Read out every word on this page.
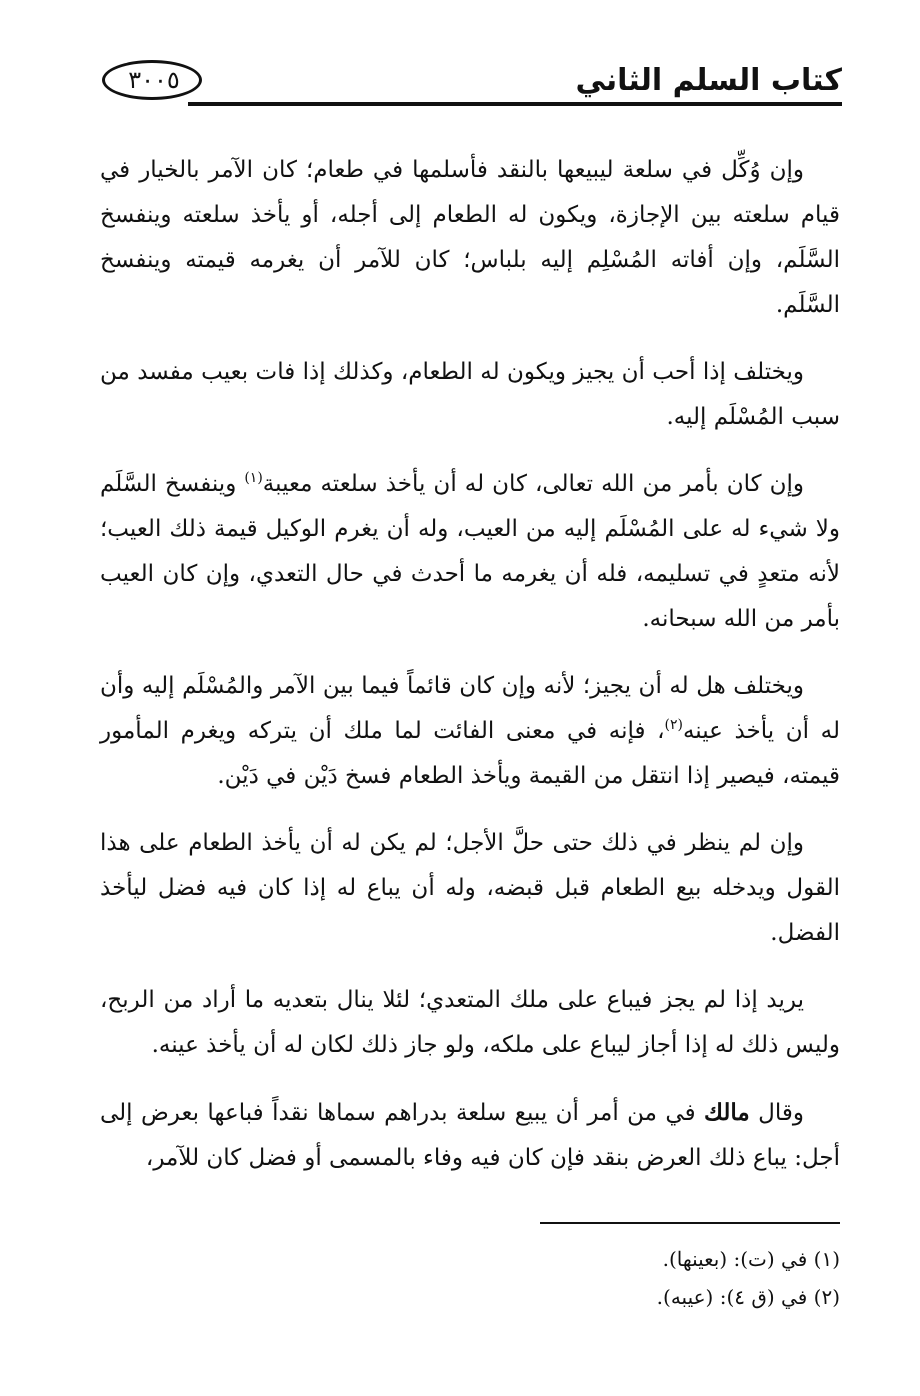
٣٠٠٥	كتاب السلم الثاني

وإن وُكِّل في سلعة ليبيعها بالنقد فأسلمها في طعام؛ كان الآمر بالخيار في قيام سلعته بين الإجازة، ويكون له الطعام إلى أجله، أو يأخذ سلعته وينفسخ السَّلَم، وإن أفاته المُسْلِم إليه بلباس؛ كان للآمر أن يغرمه قيمته وينفسخ السَّلَم.

ويختلف إذا أحب أن يجيز ويكون له الطعام، وكذلك إذا فات بعيب مفسد من سبب المُسْلَم إليه.

وإن كان بأمر من الله تعالى، كان له أن يأخذ سلعته معيبة$^{(١)}$ وينفسخ السَّلَم ولا شيء له على المُسْلَم إليه من العيب، وله أن يغرم الوكيل قيمة ذلك العيب؛ لأنه متعدٍ في تسليمه، فله أن يغرمه ما أحدث في حال التعدي، وإن كان العيب بأمر من الله سبحانه.

ويختلف هل له أن يجيز؛ لأنه وإن كان قائماً فيما بين الآمر والمُسْلَم إليه وأن له أن يأخذ عينه$^{(٢)}$، فإنه في معنى الفائت لما ملك أن يتركه ويغرم المأمور قيمته، فيصير إذا انتقل من القيمة ويأخذ الطعام فسخ دَيْن في دَيْن.

وإن لم ينظر في ذلك حتى حلَّ الأجل؛ لم يكن له أن يأخذ الطعام على هذا القول ويدخله بيع الطعام قبل قبضه، وله أن يباع له إذا كان فيه فضل ليأخذ الفضل.

يريد إذا لم يجز فيباع على ملك المتعدي؛ لئلا ينال بتعديه ما أراد من الربح، وليس ذلك له إذا أجاز ليباع على ملكه، ولو جاز ذلك لكان له أن يأخذ عينه.

وقال مالك في من أمر أن يبيع سلعة بدراهم سماها نقداً فباعها بعرض إلى أجل: يباع ذلك العرض بنقد فإن كان فيه وفاء بالمسمى أو فضل كان للآمر،

(١) في (ت): (بعينها).

(٢) في (ق ٤): (عيبه).
